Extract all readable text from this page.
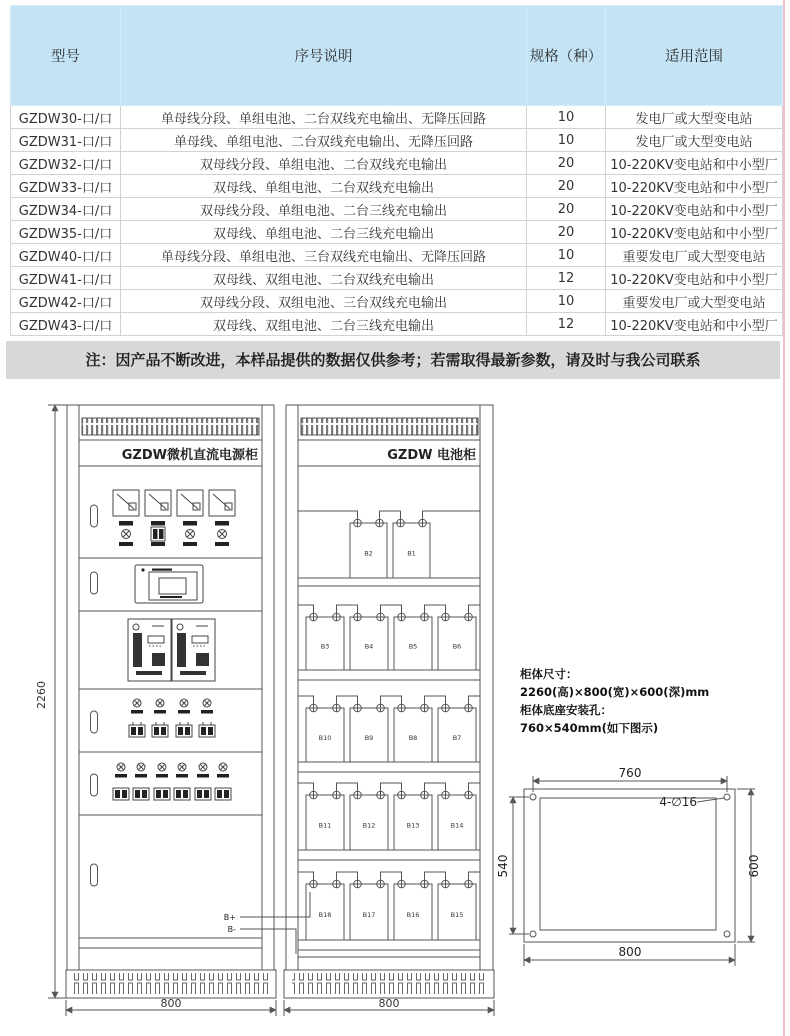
型号	序号说明	规格（种）	适用范围
GZDW30-口/口	单母线分段、单组电池、二台双线充电输出、无降压回路	10	发电厂或大型变电站
GZDW31-口/口	单母线、单组电池、二台双线充电输出、无降压回路	10	发电厂或大型变电站
GZDW32-口/口	双母线分段、单组电池、二台双线充电输出	20	10-220KV变电站和中小型厂
GZDW33-口/口	双母线、单组电池、二台双线充电输出	20	10-220KV变电站和中小型厂
GZDW34-口/口	双母线分段、单组电池、二台三线充电输出	20	10-220KV变电站和中小型厂
GZDW35-口/口	双母线、单组电池、二台三线充电输出	20	10-220KV变电站和中小型厂
GZDW40-口/口	单母线分段、单组电池、三台双线充电输出、无降压回路	10	重要发电厂或大型变电站
GZDW41-口/口	双母线、双组电池、二台双线充电输出	12	10-220KV变电站和中小型厂
GZDW42-口/口	双母线分段、双组电池、三台双线充电输出	10	重要发电厂或大型变电站
GZDW43-口/口	双母线、双组电池、二台三线充电输出	12	10-220KV变电站和中小型厂
注：因产品不断改进，本样品提供的数据仅供参考；若需取得最新参数，请及时与我公司联系
B+
B-
B2	B1
B3	B4	B5	B6
B10	B9	B8	B7
B11	B12	B13	B14
B18	B17	B16	B15
GZDW微机直流电源柜	GZDW 电池柜
2260
800	800
柜体尺寸：
2260(高)×800(宽)×600(深)mm
柜体底座安装孔：
760×540mm(如下图示)
760
540	600
800
4-∅16
